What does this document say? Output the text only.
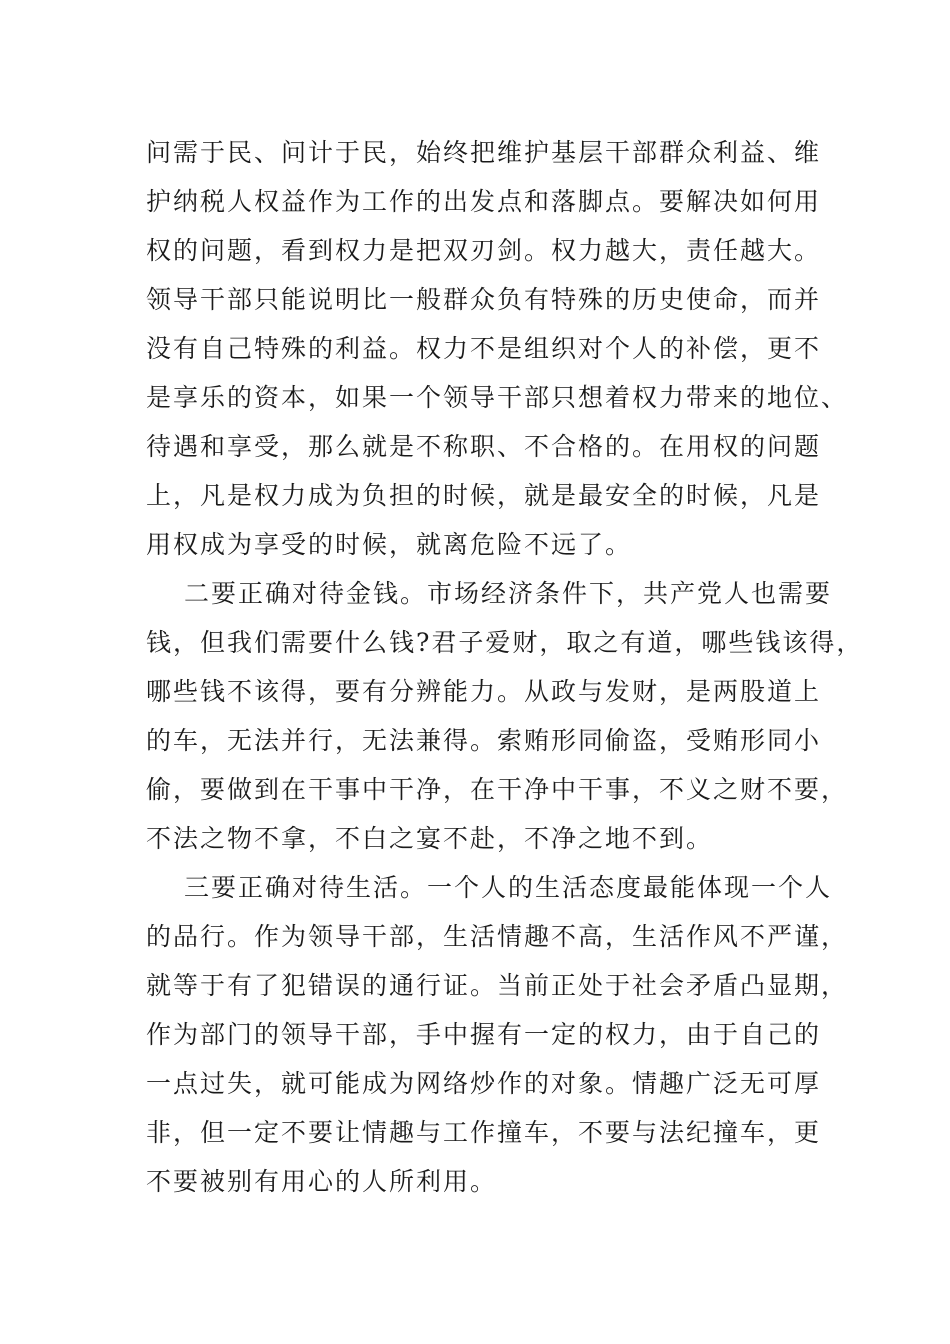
问需于民、问计于民，始终把维护基层干部群众利益、维
护纳税人权益作为工作的出发点和落脚点。要解决如何用
权的问题，看到权力是把双刃剑。权力越大，责任越大。
领导干部只能说明比一般群众负有特殊的历史使命，而并
没有自己特殊的利益。权力不是组织对个人的补偿，更不
是享乐的资本，如果一个领导干部只想着权力带来的地位、
待遇和享受，那么就是不称职、不合格的。在用权的问题
上，凡是权力成为负担的时候，就是最安全的时候，凡是
用权成为享受的时候，就离危险不远了。
二要正确对待金钱。市场经济条件下，共产党人也需要
钱，但我们需要什么钱?君子爱财，取之有道，哪些钱该得，
哪些钱不该得，要有分辨能力。从政与发财，是两股道上
的车，无法并行，无法兼得。索贿形同偷盗，受贿形同小
偷，要做到在干事中干净，在干净中干事，不义之财不要，
不法之物不拿，不白之宴不赴，不净之地不到。
三要正确对待生活。一个人的生活态度最能体现一个人
的品行。作为领导干部，生活情趣不高，生活作风不严谨，
就等于有了犯错误的通行证。当前正处于社会矛盾凸显期，
作为部门的领导干部，手中握有一定的权力，由于自己的
一点过失，就可能成为网络炒作的对象。情趣广泛无可厚
非，但一定不要让情趣与工作撞车，不要与法纪撞车，更
不要被别有用心的人所利用。
